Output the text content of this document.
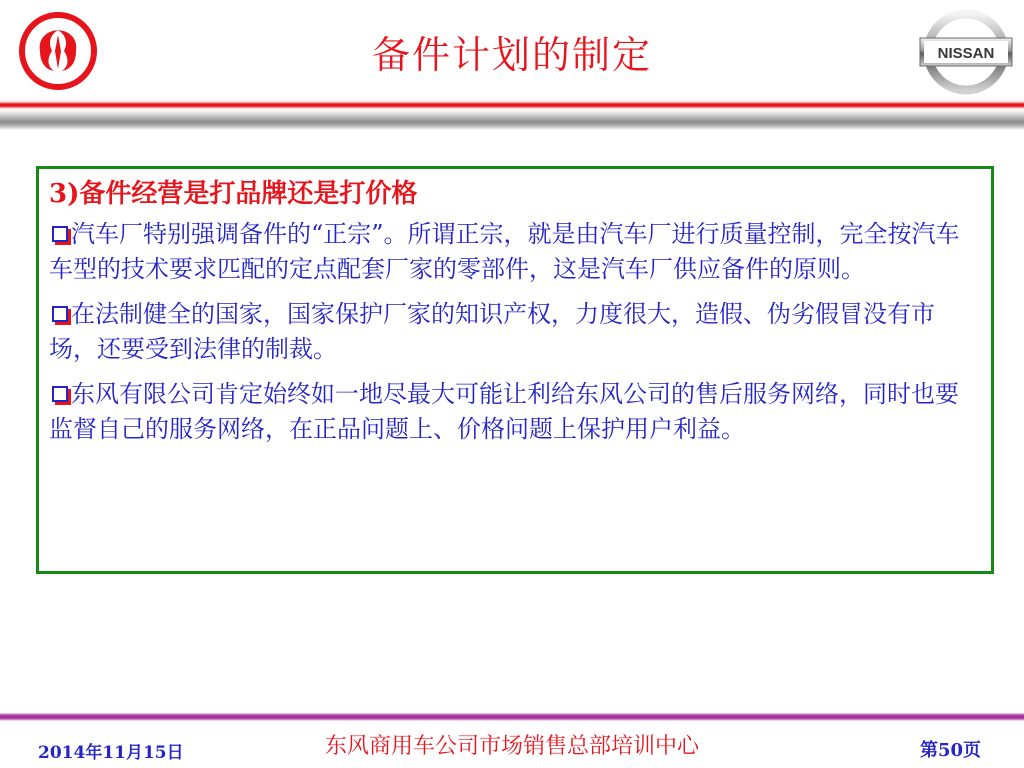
备件计划的制定	NISSAN
3)备件经营是打品牌还是打价格
汽车厂特别强调备件的“正宗”。所谓正宗，就是由汽车厂进行质量控制，完全按汽车车型的技术要求匹配的定点配套厂家的零部件，这是汽车厂供应备件的原则。
在法制健全的国家，国家保护厂家的知识产权，力度很大，造假、伪劣假冒没有市场，还要受到法律的制裁。
东风有限公司肯定始终如一地尽最大可能让利给东风公司的售后服务网络，同时也要监督自己的服务网络，在正品问题上、价格问题上保护用户利益。
2014年11月15日	东风商用车公司市场销售总部培训中心	第50页
